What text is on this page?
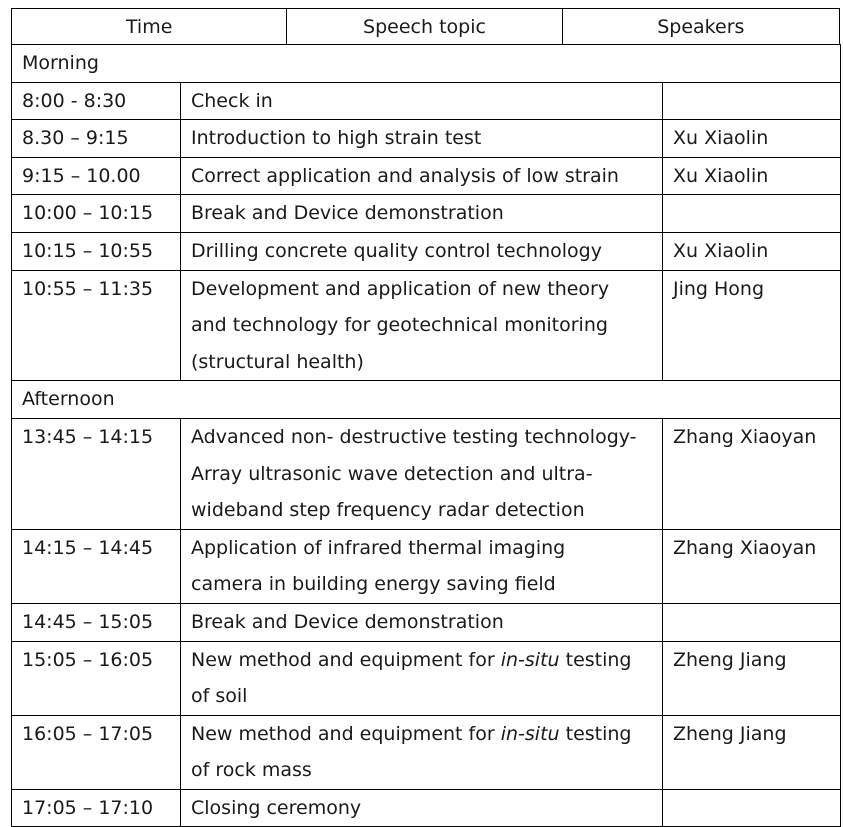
Time	Speech topic	Speakers
Morning		
8:00 - 8:30	Check in	

8.30 – 9:15	Introduction to high strain test	Xu Xiaolin
9:15 – 10.00	Correct application and analysis of low strain	Xu Xiaolin
10:00 – 10:15	Break and Device demonstration	

10:15 – 10:55	Drilling concrete quality control technology	Xu Xiaolin
10:55 – 11:35	Development and application of new theory
and technology for geotechnical monitoring
(structural health)	Jing Hong
Afternoon		
13:45 – 14:15	Advanced non- destructive testing technology-
Array ultrasonic wave detection and ultra-
wideband step frequency radar detection	Zhang Xiaoyan
14:15 – 14:45	Application of infrared thermal imaging
camera in building energy saving field	Zhang Xiaoyan
14:45 – 15:05	Break and Device demonstration	

15:05 – 16:05	New method and equipment for in-situ testing
of soil	Zheng Jiang
16:05 – 17:05	New method and equipment for in-situ testing
of rock mass	Zheng Jiang
17:05 – 17:10	Closing ceremony	
